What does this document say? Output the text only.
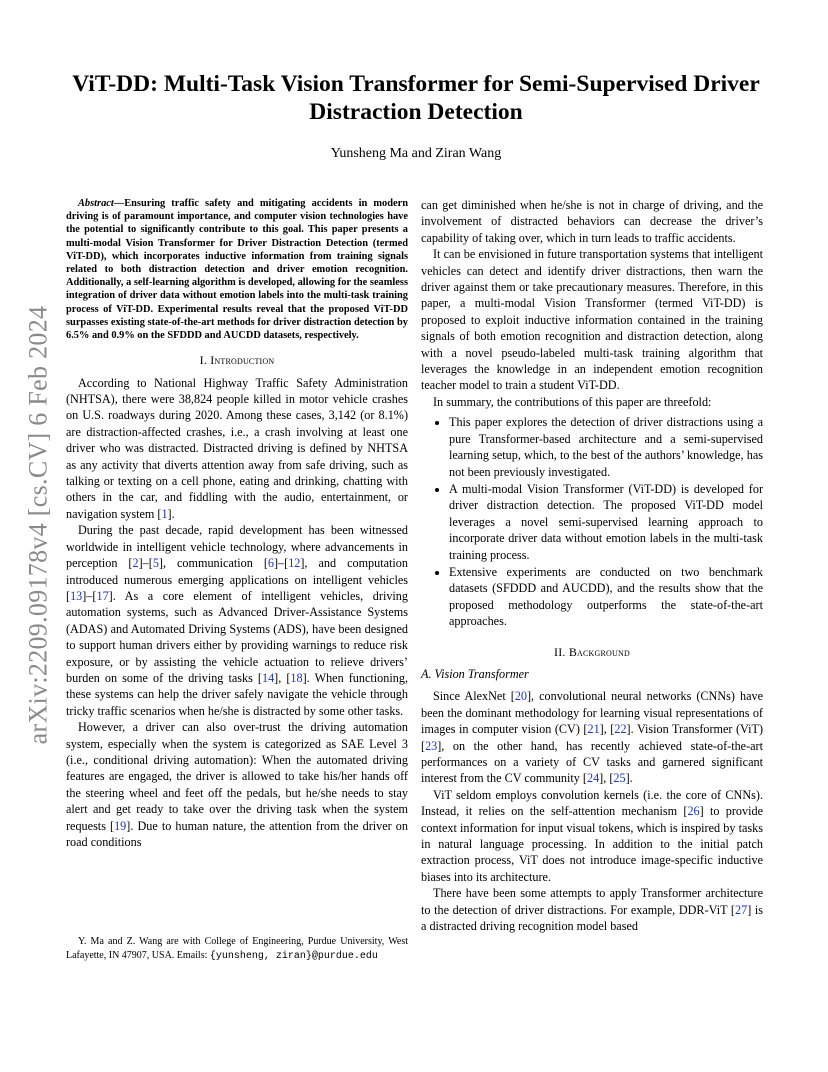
arXiv:2209.09178v4 [cs.CV] 6 Feb 2024
ViT-DD: Multi-Task Vision Transformer for Semi-Supervised Driver
Distraction Detection
Yunsheng Ma and Ziran Wang

Abstract—Ensuring traffic safety and mitigating accidents in modern driving is of paramount importance, and computer vision technologies have the potential to significantly contribute to this goal. This paper presents a multi-modal Vision Transformer for Driver Distraction Detection (termed ViT-DD), which incorporates inductive information from training signals related to both distraction detection and driver emotion recognition. Additionally, a self-learning algorithm is developed, allowing for the seamless integration of driver data without emotion labels into the multi-task training process of ViT-DD. Experimental results reveal that the proposed ViT-DD surpasses existing state-of-the-art methods for driver distraction detection by 6.5% and 0.9% on the SFDDD and AUCDD datasets, respectively.

I. Introduction

According to National Highway Traffic Safety Administration (NHTSA), there were 38,824 people killed in motor vehicle crashes on U.S. roadways during 2020. Among these cases, 3,142 (or 8.1%) are distraction-affected crashes, i.e., a crash involving at least one driver who was distracted. Distracted driving is defined by NHTSA as any activity that diverts attention away from safe driving, such as talking or texting on a cell phone, eating and drinking, chatting with others in the car, and fiddling with the audio, entertainment, or navigation system [1].

During the past decade, rapid development has been witnessed worldwide in intelligent vehicle technology, where advancements in perception [2]–[5], communication [6]–[12], and computation introduced numerous emerging applications on intelligent vehicles [13]–[17]. As a core element of intelligent vehicles, driving automation systems, such as Advanced Driver-Assistance Systems (ADAS) and Automated Driving Systems (ADS), have been designed to support human drivers either by providing warnings to reduce risk exposure, or by assisting the vehicle actuation to relieve drivers’ burden on some of the driving tasks [14], [18]. When functioning, these systems can help the driver safely navigate the vehicle through tricky traffic scenarios when he/she is distracted by some other tasks.

However, a driver can also over-trust the driving automation system, especially when the system is categorized as SAE Level 3 (i.e., conditional driving automation): When the automated driving features are engaged, the driver is allowed to take his/her hands off the steering wheel and feet off the pedals, but he/she needs to stay alert and get ready to take over the driving task when the system requests [19]. Due to human nature, the attention from the driver on road conditions

Y. Ma and Z. Wang are with College of Engineering, Purdue University, West Lafayette, IN 47907, USA. Emails: {yunsheng, ziran}@purdue.edu

can get diminished when he/she is not in charge of driving, and the involvement of distracted behaviors can decrease the driver’s capability of taking over, which in turn leads to traffic accidents.

It can be envisioned in future transportation systems that intelligent vehicles can detect and identify driver distractions, then warn the driver against them or take precautionary measures. Therefore, in this paper, a multi-modal Vision Transformer (termed ViT-DD) is proposed to exploit inductive information contained in the training signals of both emotion recognition and distraction detection, along with a novel pseudo-labeled multi-task training algorithm that leverages the knowledge in an independent emotion recognition teacher model to train a student ViT-DD.

In summary, the contributions of this paper are threefold:

• This paper explores the detection of driver distractions using a pure Transformer-based architecture and a semi-supervised learning setup, which, to the best of the authors’ knowledge, has not been previously investigated.
• A multi-modal Vision Transformer (ViT-DD) is developed for driver distraction detection. The proposed ViT-DD model leverages a novel semi-supervised learning approach to incorporate driver data without emotion labels in the multi-task training process.
• Extensive experiments are conducted on two benchmark datasets (SFDDD and AUCDD), and the results show that the proposed methodology outperforms the state-of-the-art approaches.
II. Background
A. Vision Transformer

Since AlexNet [20], convolutional neural networks (CNNs) have been the dominant methodology for learning visual representations of images in computer vision (CV) [21], [22]. Vision Transformer (ViT) [23], on the other hand, has recently achieved state-of-the-art performances on a variety of CV tasks and garnered significant interest from the CV community [24], [25].

ViT seldom employs convolution kernels (i.e. the core of CNNs). Instead, it relies on the self-attention mechanism [26] to provide context information for input visual tokens, which is inspired by tasks in natural language processing. In addition to the initial patch extraction process, ViT does not introduce image-specific inductive biases into its architecture.

There have been some attempts to apply Transformer architecture to the detection of driver distractions. For example, DDR-ViT [27] is a distracted driving recognition model based
